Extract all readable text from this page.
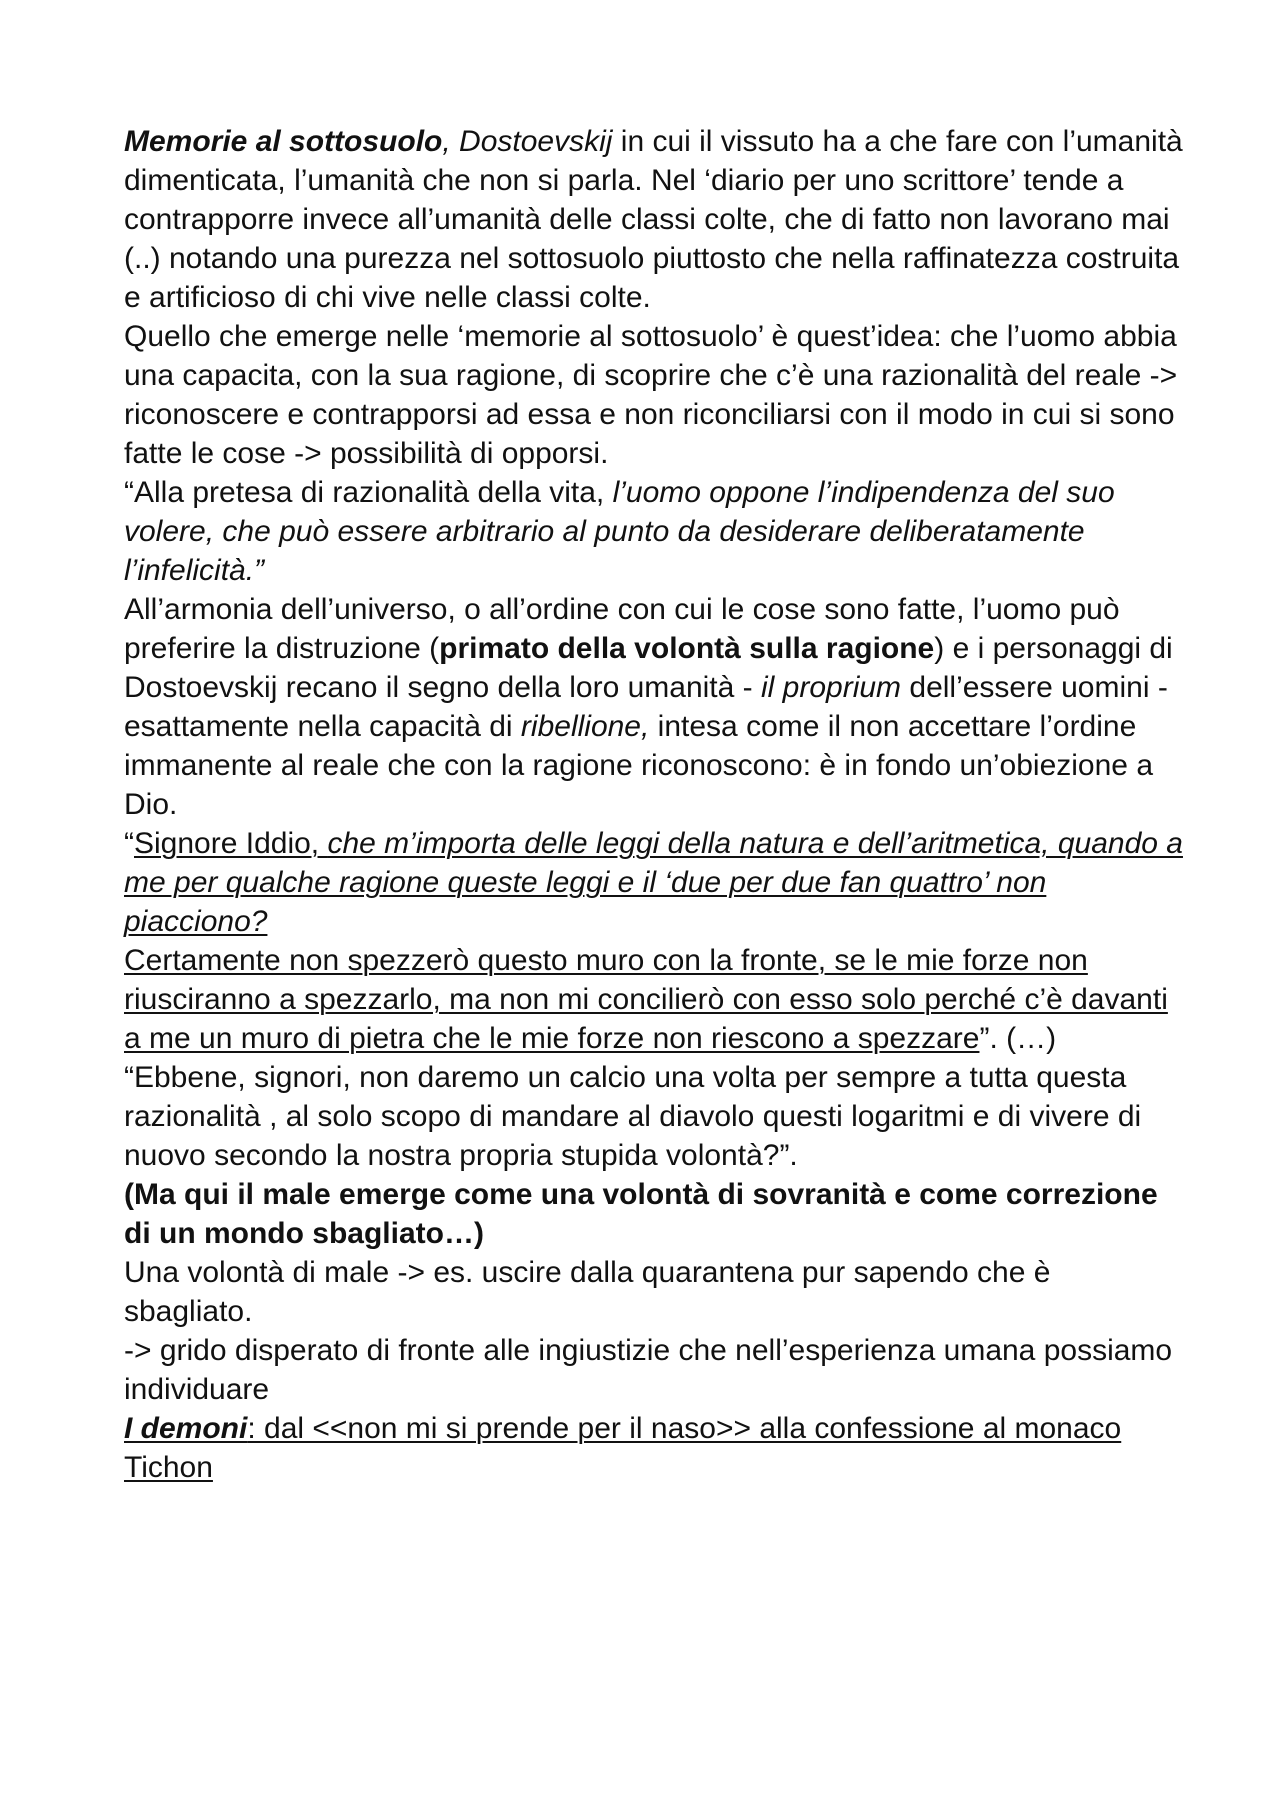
Memorie al sottosuolo, Dostoevskij in cui il vissuto ha a che fare con l’umanità dimenticata, l’umanità che non si parla. Nel ‘diario per uno scrittore’ tende a contrapporre invece all’umanità delle classi colte, che di fatto non lavorano mai (..) notando una purezza nel sottosuolo piuttosto che nella raffinatezza costruita e artificioso di chi vive nelle classi colte.

Quello che emerge nelle ‘memorie al sottosuolo’ è quest’idea: che l’uomo abbia una capacita, con la sua ragione, di scoprire che c’è una razionalità del reale -> riconoscere e contrapporsi ad essa e non riconciliarsi con il modo in cui si sono fatte le cose -> possibilità di opporsi.

“Alla pretesa di razionalità della vita, l’uomo oppone l’indipendenza del suo volere, che può essere arbitrario al punto da desiderare deliberatamente l’infelicità.”

All’armonia dell’universo, o all’ordine con cui le cose sono fatte, l’uomo può preferire la distruzione (primato della volontà sulla ragione) e i personaggi di Dostoevskij recano il segno della loro umanità - il proprium dell’essere uomini - esattamente nella capacità di ribellione, intesa come il non accettare l’ordine immanente al reale che con la ragione riconoscono: è in fondo un’obiezione a Dio.

“Signore Iddio, che m’importa delle leggi della natura e dell’aritmetica, quando a me per qualche ragione queste leggi e il ‘due per due fan quattro’ non piacciono?

Certamente non spezzerò questo muro con la fronte, se le mie forze non riusciranno a spezzarlo, ma non mi concilierò con esso solo perché c’è davanti a me un muro di pietra che le mie forze non riescono a spezzare”. (…) “Ebbene, signori, non daremo un calcio una volta per sempre a tutta questa razionalità , al solo scopo di mandare al diavolo questi logaritmi e di vivere di nuovo secondo la nostra propria stupida volontà?”.

(Ma qui il male emerge come una volontà di sovranità e come correzione di un mondo sbagliato…)

Una volontà di male -> es. uscire dalla quarantena pur sapendo che è sbagliato.

-> grido disperato di fronte alle ingiustizie che nell’esperienza umana possiamo individuare

I demoni: dal <<non mi si prende per il naso>> alla confessione al monaco Tichon
